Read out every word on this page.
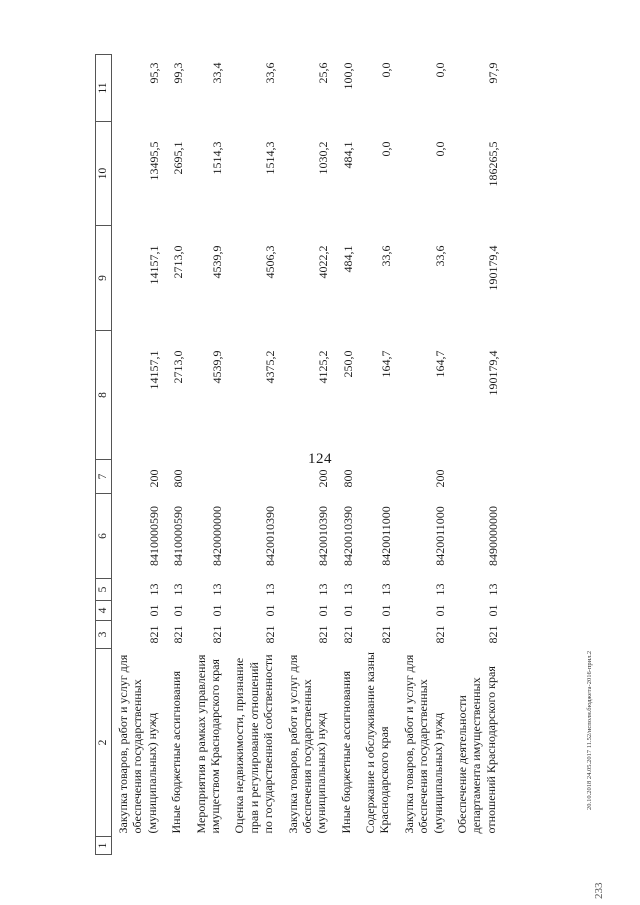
124
1	2	3	4	5	6	7	8	9	10	11
	Закупка товаров, работ и услуг для обеспечения государственных (муниципальных) нужд	821	01	13	8410000590	200	14157,1	14157,1	13495,5	95,3
	Иные бюджетные ассигнования	821	01	13	8410000590	800	2713,0	2713,0	2695,1	99,3
	Мероприятия в рамках управления имуществом Краснодарского края	821	01	13	8420000000		4539,9	4539,9	1514,3	33,4
	Оценка недвижимости, признание прав и регулирование отношений по государственной собственности	821	01	13	8420010390		4375,2	4506,3	1514,3	33,6
	Закупка товаров, работ и услуг для обеспечения государственных (муниципальных) нужд	821	01	13	8420010390	200	4125,2	4022,2	1030,2	25,6
	Иные бюджетные ассигнования	821	01	13	8420010390	800	250,0	484,1	484,1	100,0
	Содержание и обслуживание казны Краснодарского края	821	01	13	8420011000		164,7	33,6	0,0	0,0
	Закупка товаров, работ и услуг для обеспечения государственных (муниципальных) нужд	821	01	13	8420011000	200	164,7	33,6	0,0	0,0
	Обеспечение деятельности департамента имущественных отношений Краснодарского края	821	01	13	8490000000		190179,4	190179,4	186265,5	97,9
20.10.2018 24.05.2017 11.52/исполн.бюджета-2016-прил.2
233
